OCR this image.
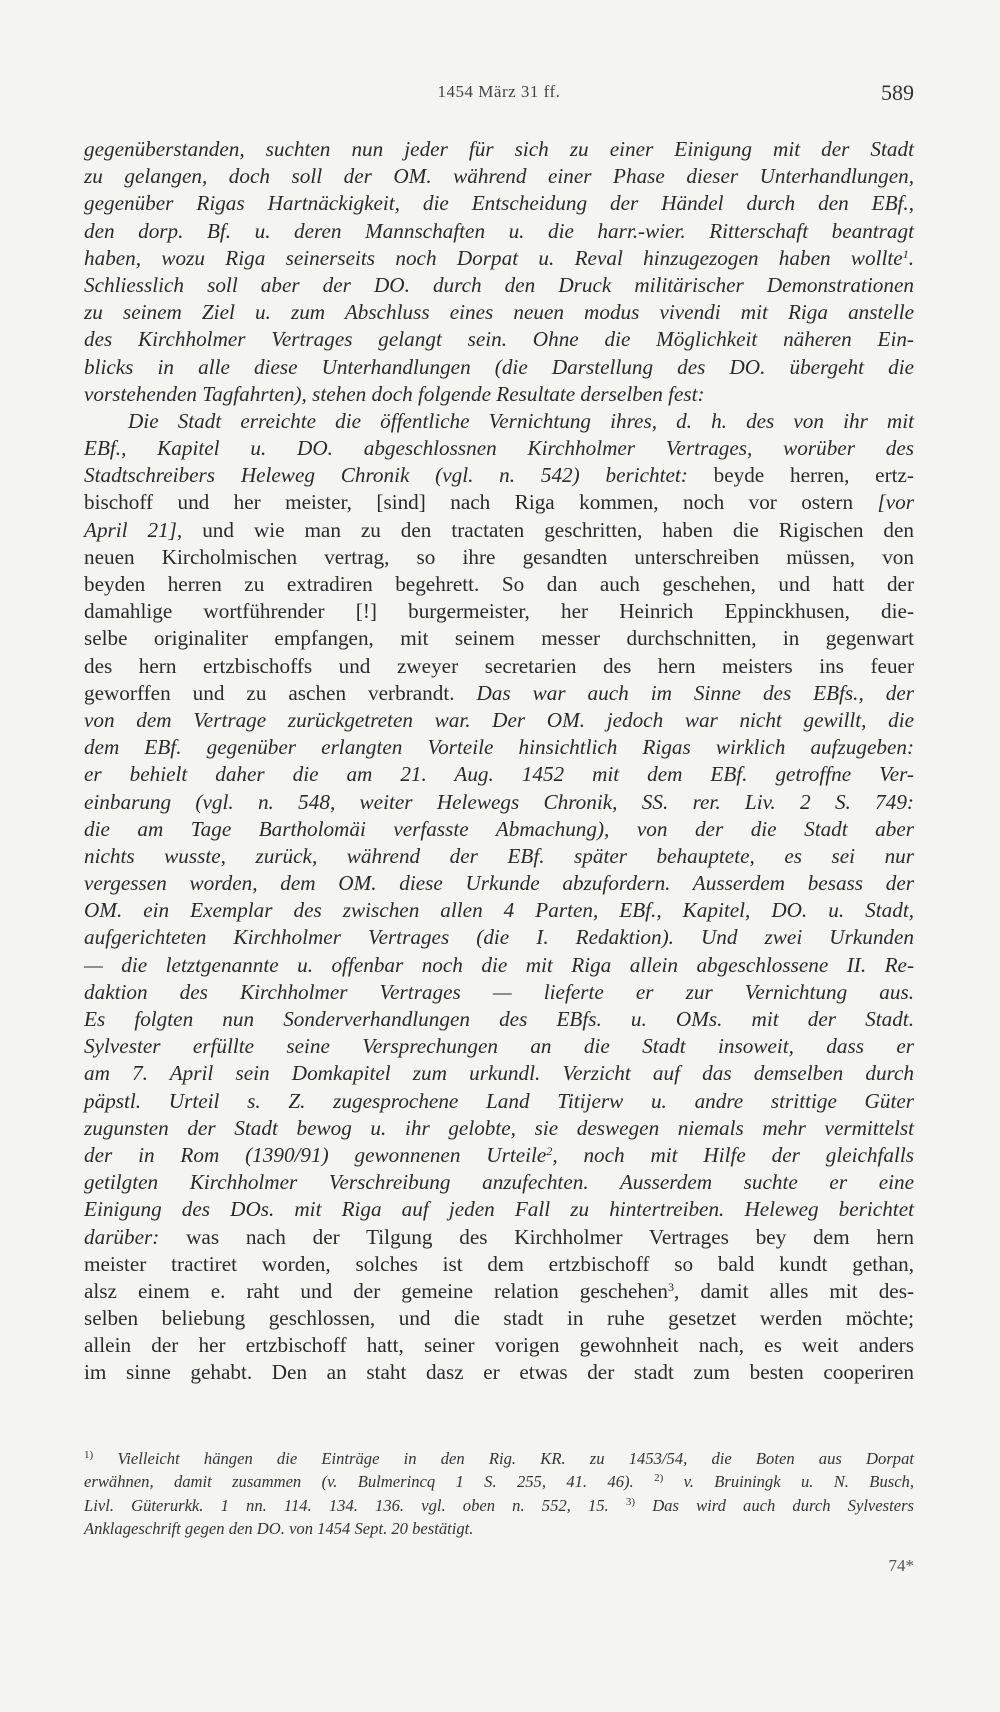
1454 März 31 ff.	589
gegenüberstanden, suchten nun jeder für sich zu einer Einigung mit der Stadt
zu gelangen, doch soll der OM. während einer Phase dieser Unterhandlungen,
gegenüber Rigas Hartnäckigkeit, die Entscheidung der Händel durch den EBf.,
den dorp. Bf. u. deren Mannschaften u. die harr.-wier. Ritterschaft beantragt
haben, wozu Riga seinerseits noch Dorpat u. Reval hinzugezogen haben wollte$^1$.
Schliesslich soll aber der DO. durch den Druck militärischer Demonstrationen
zu seinem Ziel u. zum Abschluss eines neuen modus vivendi mit Riga anstelle
des Kirchholmer Vertrages gelangt sein. Ohne die Möglichkeit näheren Ein-
blicks in alle diese Unterhandlungen (die Darstellung des DO. übergeht die
vorstehenden Tagfahrten), stehen doch folgende Resultate derselben fest:
Die Stadt erreichte die öffentliche Vernichtung ihres, d. h. des von ihr mit
EBf., Kapitel u. DO. abgeschlossnen Kirchholmer Vertrages, worüber des
Stadtschreibers Heleweg Chronik (vgl. n. 542) berichtet: beyde herren, ertz-
bischoff und her meister, [sind] nach Riga kommen, noch vor ostern [vor
April 21], und wie man zu den tractaten geschritten, haben die Rigischen den
neuen Kircholmischen vertrag, so ihre gesandten unterschreiben müssen, von
beyden herren zu extradiren begehrett. So dan auch geschehen, und hatt der
damahlige wortführender [!] burgermeister, her Heinrich Eppinckhusen, die-
selbe originaliter empfangen, mit seinem messer durchschnitten, in gegenwart
des hern ertzbischoffs und zweyer secretarien des hern meisters ins feuer
geworffen und zu aschen verbrandt. Das war auch im Sinne des EBfs., der
von dem Vertrage zurückgetreten war. Der OM. jedoch war nicht gewillt, die
dem EBf. gegenüber erlangten Vorteile hinsichtlich Rigas wirklich aufzugeben:
er behielt daher die am 21. Aug. 1452 mit dem EBf. getroffne Ver-
einbarung (vgl. n. 548, weiter Helewegs Chronik, SS. rer. Liv. 2 S. 749:
die am Tage Bartholomäi verfasste Abmachung), von der die Stadt aber
nichts wusste, zurück, während der EBf. später behauptete, es sei nur
vergessen worden, dem OM. diese Urkunde abzufordern. Ausserdem besass der
OM. ein Exemplar des zwischen allen 4 Parten, EBf., Kapitel, DO. u. Stadt,
aufgerichteten Kirchholmer Vertrages (die I. Redaktion). Und zwei Urkunden
— die letztgenannte u. offenbar noch die mit Riga allein abgeschlossene II. Re-
daktion des Kirchholmer Vertrages — lieferte er zur Vernichtung aus.
Es folgten nun Sonderverhandlungen des EBfs. u. OMs. mit der Stadt.
Sylvester erfüllte seine Versprechungen an die Stadt insoweit, dass er
am 7. April sein Domkapitel zum urkundl. Verzicht auf das demselben durch
päpstl. Urteil s. Z. zugesprochene Land Titijerw u. andre strittige Güter
zugunsten der Stadt bewog u. ihr gelobte, sie deswegen niemals mehr vermittelst
der in Rom (1390/91) gewonnenen Urteile$^2$, noch mit Hilfe der gleichfalls
getilgten Kirchholmer Verschreibung anzufechten. Ausserdem suchte er eine
Einigung des DOs. mit Riga auf jeden Fall zu hintertreiben. Heleweg berichtet
darüber: was nach der Tilgung des Kirchholmer Vertrages bey dem hern
meister tractiret worden, solches ist dem ertzbischoff so bald kundt gethan,
alsz einem e. raht und der gemeine relation geschehen$^3$, damit alles mit des-
selben beliebung geschlossen, und die stadt in ruhe gesetzet werden möchte;
allein der her ertzbischoff hatt, seiner vorigen gewohnheit nach, es weit anders
im sinne gehabt. Den an staht dasz er etwas der stadt zum besten cooperiren
$^{1)}$ Vielleicht hängen die Einträge in den Rig. KR. zu 1453/54, die Boten aus Dorpat
erwähnen, damit zusammen (v. Bulmerincq 1 S. 255, 41. 46). $^{2)}$ v. Bruiningk u. N. Busch,
Livl. Güterurkk. 1 nn. 114. 134. 136. vgl. oben n. 552, 15. $^{3)}$ Das wird auch durch Sylvesters
Anklageschrift gegen den DO. von 1454 Sept. 20 bestätigt.
74*
